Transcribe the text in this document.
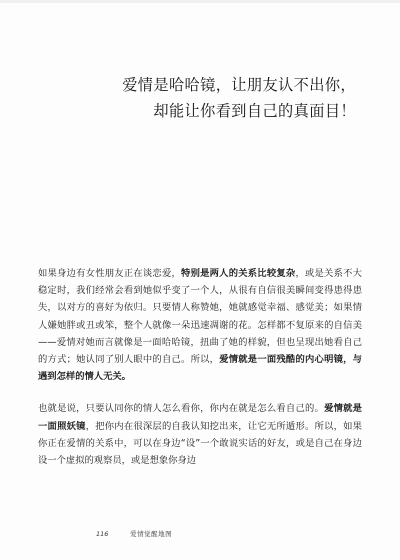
爱情是哈哈镜，让朋友认不出你，
却能让你看到自己的真面目！

如果身边有女性朋友正在谈恋爱，特别是两人的关系比较复杂，或是关系不大稳定时，我们经常会看到她似乎变了一个人，从很有自信很美瞬间变得患得患失，以对方的喜好为依归。只要情人称赞她，她就感觉幸福、感觉美；如果情人嫌她胖或丑或笨，整个人就像一朵迅速凋谢的花。怎样都不复原来的自信美——爱情对她而言就像是一面哈哈镜，扭曲了她的样貌，但也呈现出她看自己的方式；她认同了别人眼中的自己。所以，爱情就是一面残酷的内心明镜，与遇到怎样的情人无关。

也就是说，只要认同你的情人怎么看你，你内在就是怎么看自己的。爱情就是一面照妖镜，把你内在很深层的自我认知挖出来，让它无所遁形。所以，如果你正在爱情的关系中，可以在身边“设”一个敢说实话的好友，或是自己在身边设一个虚拟的观察员，或是想象你身边

116	爱情觉醒地图
